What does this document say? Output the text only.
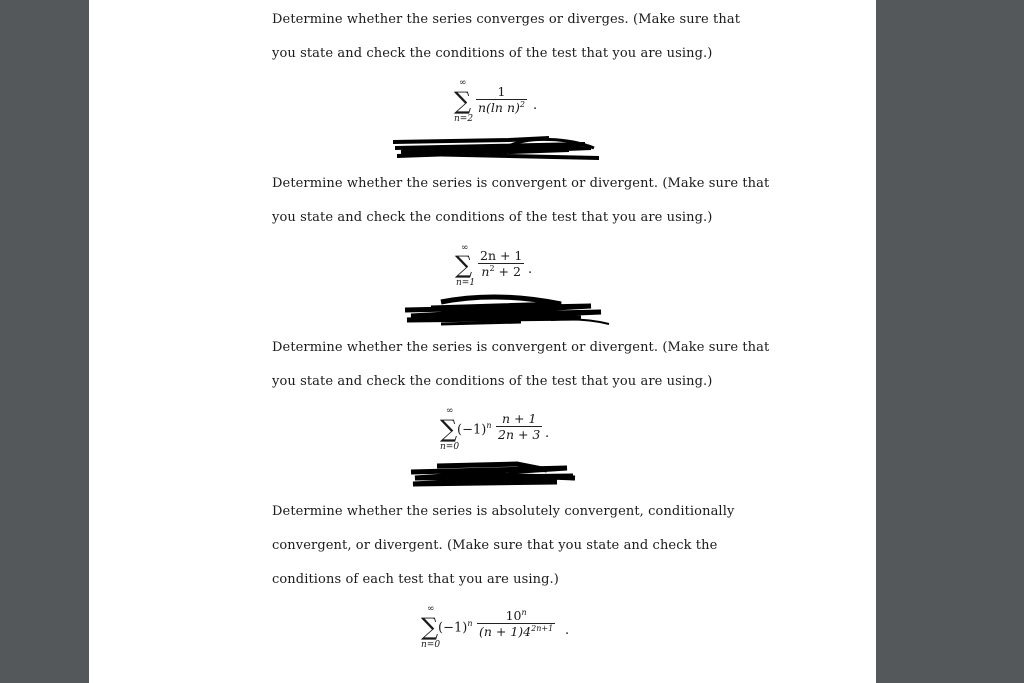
Determine whether the series converges or diverges. (Make sure that
you state and check the conditions of the test that you are using.)
∞
∑
n=2
$\frac{1}{n(\ln n)^2}$ .
Determine whether the series is convergent or divergent. (Make sure that
you state and check the conditions of the test that you are using.)
∞
∑
n=1
$\frac{2n + 1}{n^2 + 2}$ .
Determine whether the series is convergent or divergent. (Make sure that
you state and check the conditions of the test that you are using.)
∞
∑
n=0
$(-1)^n \frac{n + 1}{2n + 3}$ .
Determine whether the series is absolutely convergent, conditionally
convergent, or divergent. (Make sure that you state and check the
conditions of each test that you are using.)
∞
∑
n=0
$(-1)^n \frac{10^n}{(n + 1)4^{2n+1}}$ .
